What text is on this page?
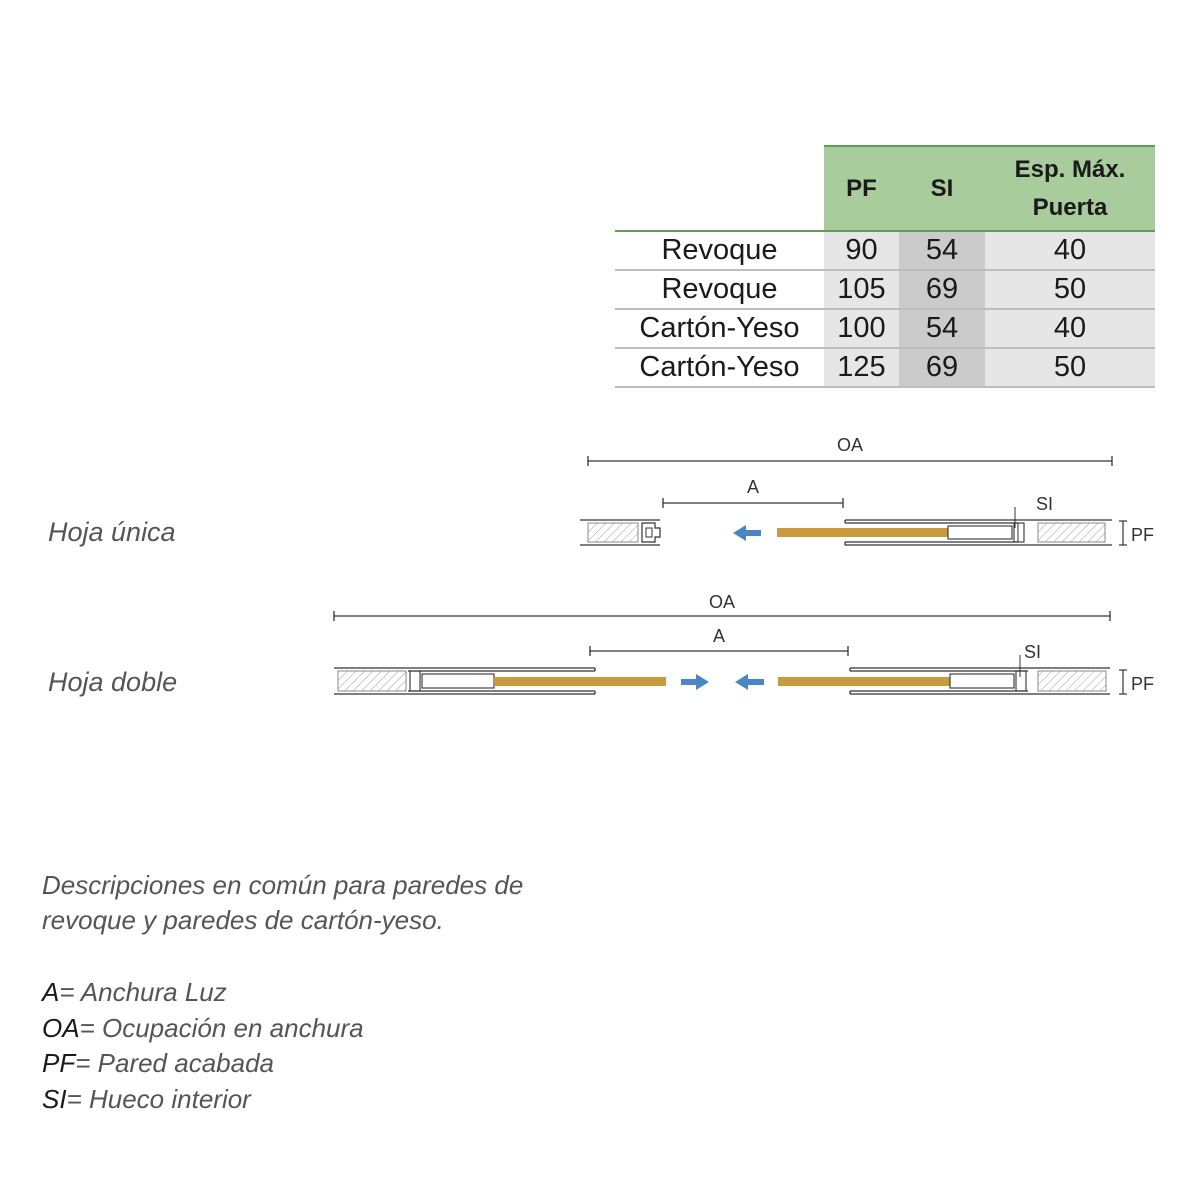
	PF	SI	Esp. Máx.
Puerta
Revoque	90	54	40
Revoque	105	69	50
Cartón-Yeso	100	54	40
Cartón-Yeso	125	69	50
Hoja única
Hoja doble
OA
A
SI
PF
OA
A
SI
PF

Descripciones en común para paredes de
revoque y paredes de cartón-yeso.

A= Anchura Luz
OA= Ocupación en anchura
PF= Pared acabada
SI= Hueco interior
